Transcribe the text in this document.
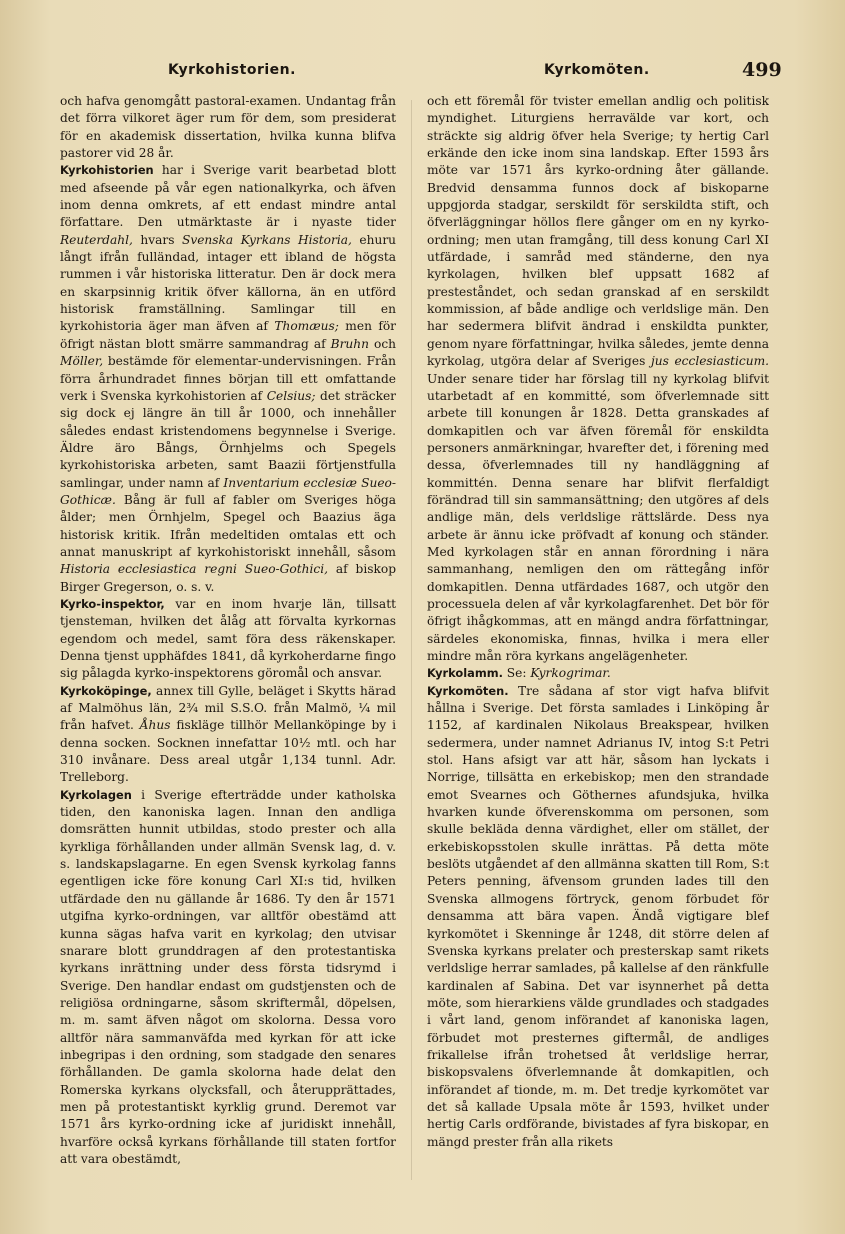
Kyrkohistorien.	Kyrkomöten.	499

och hafva genomgått pastoral-examen. Undantag från det förra vilkoret äger rum för dem, som presiderat för en akademisk dissertation, hvilka kunna blifva pastorer vid 28 år.

Kyrkohistorien har i Sverige varit bearbetad blott med afseende på vår egen nationalkyrka, och äfven inom denna omkrets, af ett endast mindre antal författare. Den utmärktaste är i nyaste tider Reuterdahl, hvars Svenska Kyrkans Historia, ehuru långt ifrån fulländad, intager ett ibland de högsta rummen i vår historiska litteratur. Den är dock mera en skarpsinnig kritik öfver källorna, än en utförd historisk framställning. Samlingar till en kyrkohistoria äger man äfven af Thomæus; men för öfrigt nästan blott smärre sammandrag af Bruhn och Möller, bestämde för elementar-undervisningen. Från förra århundradet finnes början till ett omfattande verk i Svenska kyrkohistorien af Celsius; det sträcker sig dock ej längre än till år 1000, och innehåller således endast kristendomens begynnelse i Sverige. Äldre äro Bångs, Örnhjelms och Spegels kyrkohistoriska arbeten, samt Baazii förtjenstfulla samlingar, under namn af Inventarium ecclesiæ Sueo-Gothicæ. Bång är full af fabler om Sveriges höga ålder; men Örnhjelm, Spegel och Baazius äga historisk kritik. Ifrån medeltiden omtalas ett och annat manuskript af kyrkohistoriskt innehåll, såsom Historia ecclesiastica regni Sueo-Gothici, af biskop Birger Gregerson, o. s. v.

Kyrko-inspektor, var en inom hvarje län, tillsatt tjensteman, hvilken det ålåg att förvalta kyrkornas egendom och medel, samt föra dess räkenskaper. Denna tjenst upphäfdes 1841, då kyrkoherdarne fingo sig pålagda kyrko-inspektorens göromål och ansvar.

Kyrkoköpinge, annex till Gylle, beläget i Skytts härad af Malmöhus län, 2¾ mil S.S.O. från Malmö, ¼ mil från hafvet. Åhus fiskläge tillhör Mellanköpinge by i denna socken. Socknen innefattar 10½ mtl. och har 310 invånare. Dess areal utgår 1,134 tunnl. Adr. Trelleborg.

Kyrkolagen i Sverige efterträdde under katholska tiden, den kanoniska lagen. Innan den andliga domsrätten hunnit utbildas, stodo prester och alla kyrkliga förhållanden under allmän Svensk lag, d. v. s. landskapslagarne. En egen Svensk kyrkolag fanns egentligen icke före konung Carl XI:s tid, hvilken utfärdade den nu gällande år 1686. Ty den år 1571 utgifna kyrko-ordningen, var alltför obestämd att kunna sägas hafva varit en kyrkolag; den utvisar snarare blott grunddragen af den protestantiska kyrkans inrättning under dess första tidsrymd i Sverige. Den handlar endast om gudstjensten och de religiösa ordningarne, såsom skriftermål, döpelsen, m. m. samt äfven något om skolorna. Dessa voro alltför nära sammanväfda med kyrkan för att icke inbegripas i den ordning, som stadgade den senares förhållanden. De gamla skolorna hade delat den Romerska kyrkans olycksfall, och återupprättades, men på protestantiskt kyrklig grund. Deremot var 1571 års kyrko-ordning icke af juridiskt innehåll, hvarföre också kyrkans förhållande till staten fortfor att vara obestämdt,

och ett föremål för tvister emellan andlig och politisk myndighet. Liturgiens herravälde var kort, och sträckte sig aldrig öfver hela Sverige; ty hertig Carl erkände den icke inom sina landskap. Efter 1593 års möte var 1571 års kyrko-ordning åter gällande. Bredvid densamma funnos dock af biskoparne uppgjorda stadgar, serskildt för serskildta stift, och öfverläggningar höllos flere gånger om en ny kyrko-ordning; men utan framgång, till dess konung Carl XI utfärdade, i samråd med ständerne, den nya kyrkolagen, hvilken blef uppsatt 1682 af presteståndet, och sedan granskad af en serskildt kommission, af både andlige och verldslige män. Den har sedermera blifvit ändrad i enskildta punkter, genom nyare författningar, hvilka således, jemte denna kyrkolag, utgöra delar af Sveriges jus ecclesiasticum. Under senare tider har förslag till ny kyrkolag blifvit utarbetadt af en kommitté, som öfverlemnade sitt arbete till konungen år 1828. Detta granskades af domkapitlen och var äfven föremål för enskildta personers anmärkningar, hvarefter det, i förening med dessa, öfverlemnades till ny handläggning af kommittén. Denna senare har blifvit flerfaldigt förändrad till sin sammansättning; den utgöres af dels andlige män, dels verldslige rättslärde. Dess nya arbete är ännu icke pröfvadt af konung och ständer. Med kyrkolagen står en annan förordning i nära sammanhang, nemligen den om rättegång inför domkapitlen. Denna utfärdades 1687, och utgör den processuela delen af vår kyrkolagfarenhet. Det bör för öfrigt ihågkommas, att en mängd andra författningar, särdeles ekonomiska, finnas, hvilka i mera eller mindre mån röra kyrkans angelägenheter.

Kyrkolamm. Se: Kyrkogrimar.

Kyrkomöten. Tre sådana af stor vigt hafva blifvit hållna i Sverige. Det första samlades i Linköping år 1152, af kardinalen Nikolaus Breakspear, hvilken sedermera, under namnet Adrianus IV, intog S:t Petri stol. Hans afsigt var att här, såsom han lyckats i Norrige, tillsätta en erkebiskop; men den strandade emot Svearnes och Göthernes afundsjuka, hvilka hvarken kunde öfverenskomma om personen, som skulle bekläda denna värdighet, eller om stället, der erkebiskopsstolen skulle inrättas. På detta möte beslöts utgåendet af den allmänna skatten till Rom, S:t Peters penning, äfvensom grunden lades till den Svenska allmogens förtryck, genom förbudet för densamma att bära vapen. Ändå vigtigare blef kyrkomötet i Skenninge år 1248, dit större delen af Svenska kyrkans prelater och presterskap samt rikets verldslige herrar samlades, på kallelse af den ränkfulle kardinalen af Sabina. Det var isynnerhet på detta möte, som hierarkiens välde grundlades och stadgades i vårt land, genom införandet af kanoniska lagen, förbudet mot presternes giftermål, de andliges frikallelse ifrån trohetsed åt verldslige herrar, biskopsvalens öfverlemnande åt domkapitlen, och införandet af tionde, m. m. Det tredje kyrkomötet var det så kallade Upsala möte år 1593, hvilket under hertig Carls ordförande, bivistades af fyra biskopar, en mängd prester från alla rikets
